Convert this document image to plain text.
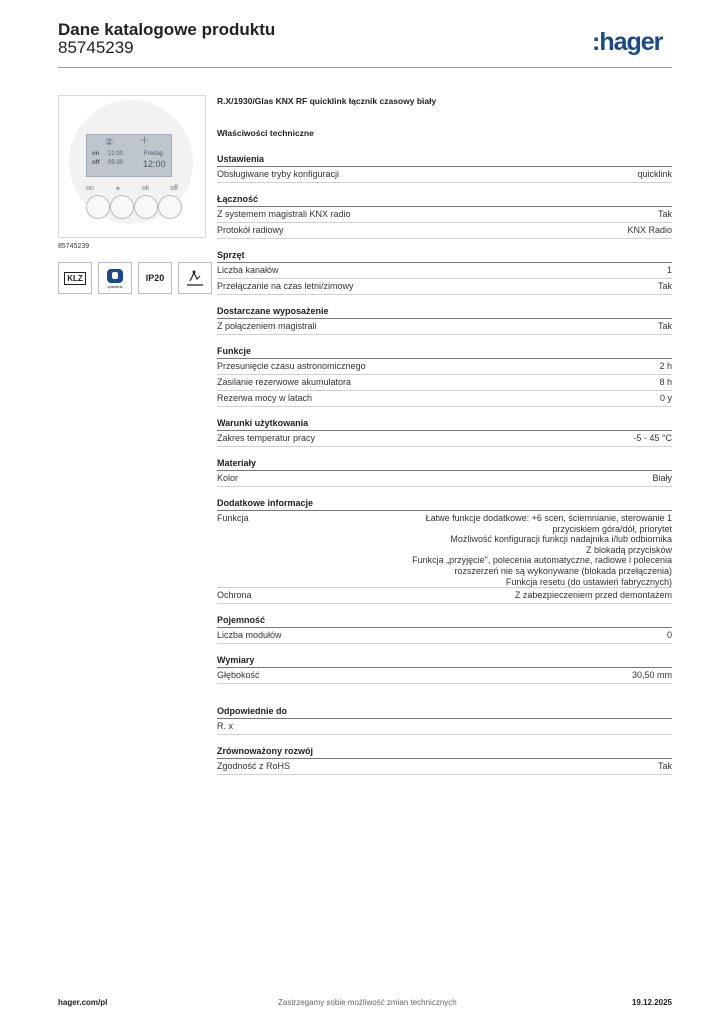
Dane katalogowe produktu
85745239	:hager
②	◦|◦
on 21:00
off 05:30
Freitag
12:00
on	☀	ok	off
85745239
KLZ
quicklink
IP20
R.X/1930/Glas KNX RF quicklink łącznik czasowy biały
Właściwości techniczne
Ustawienia
Obsługiwane tryby konfiguracji	quicklink
Łączność
Z systemem magistrali KNX radio	Tak
Protokół radiowy	KNX Radio
Sprzęt
Liczba kanałów	1
Przełączanie na czas letni/zimowy	Tak
Dostarczane wyposażenie
Z połączeniem magistrali	Tak
Funkcje
Przesunięcie czasu astronomicznego	2 h
Zasilanie rezerwowe akumulatora	8 h
Rezerwa mocy w latach	0 y
Warunki użytkowania
Zakres temperatur pracy	-5 - 45 °C
Materiały
Kolor	Biały
Dodatkowe informacje
Funkcja	Łatwe funkcje dodatkowe: +6 scen, ściemnianie, sterowanie 1
przyciskiem góra/dół, priorytet
Możliwość konfiguracji funkcji nadajnika i/lub odbiornika
Z blokadą przycisków
Funkcja „przyjęcie", polecenia automatyczne, radiowe i polecenia
rozszerzeń nie są wykonywane (blokada przełączenia)
Funkcja resetu (do ustawień fabrycznych)
Ochrona	Z zabezpieczeniem przed demontażem
Pojemność
Liczba modułów	0
Wymiary
Głębokość	30,50 mm
Odpowiednie do
R. x
Zrównoważony rozwój
Zgodność z RoHS	Tak
hager.com/pl	Zastrzegamy sobie możliwość zmian technicznych	19.12.2025
